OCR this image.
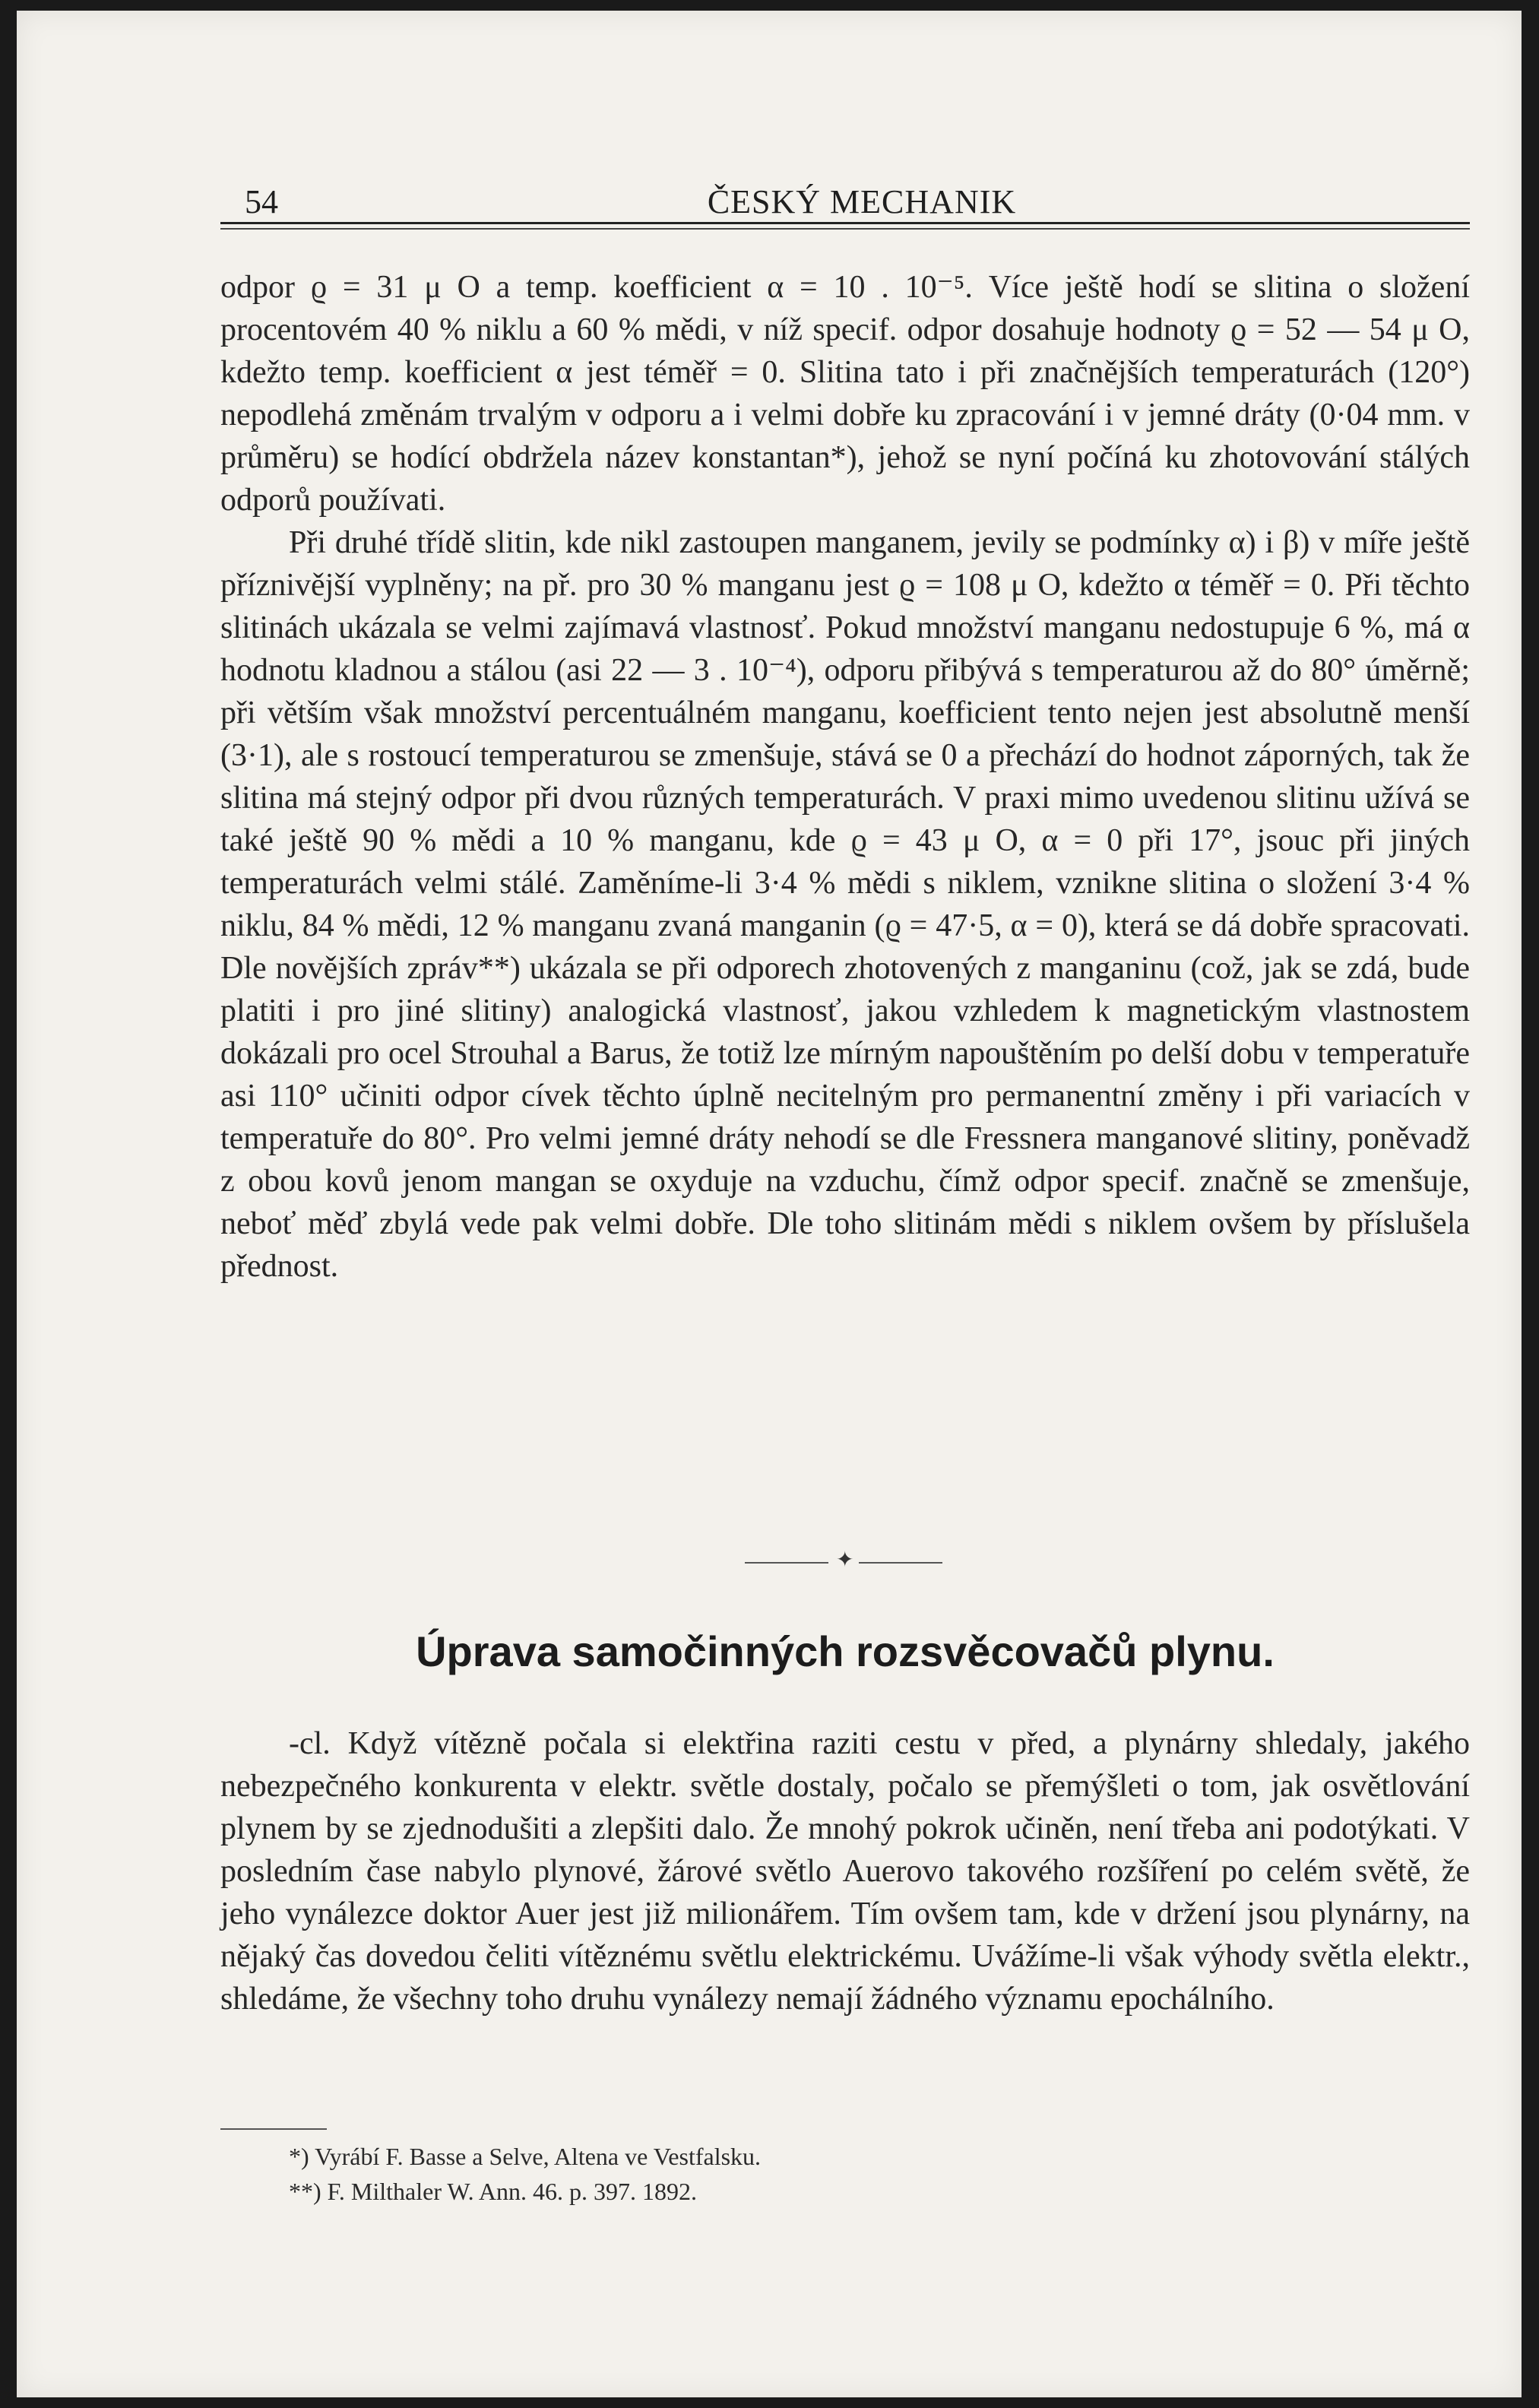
54	ČESKÝ MECHANIK

odpor ϱ = 31 μ O a temp. koefficient α = 10 . 10⁻⁵. Více ještě hodí se slitina o složení procentovém 40 % niklu a 60 % mědi, v níž specif. odpor dosahuje hodnoty ϱ = 52 — 54 μ O, kdežto temp. koefficient α jest téměř = 0. Slitina tato i při značnějších temperaturách (120°) nepodlehá změnám trvalým v odporu a i velmi dobře ku zpracování i v jemné dráty (0·04 mm. v průměru) se hodící obdržela název konstantan*), jehož se nyní počíná ku zhotovování stálých odporů používati.

Při druhé třídě slitin, kde nikl zastoupen manganem, jevily se podmínky α) i β) v míře ještě příznivější vyplněny; na př. pro 30 % manganu jest ϱ = 108 μ O, kdežto α téměř = 0. Při těchto slitinách ukázala se velmi zajímavá vlastnosť. Pokud množství manganu nedostupuje 6 %, má α hodnotu kladnou a stálou (asi 22 — 3 . 10⁻⁴), odporu přibývá s temperaturou až do 80° úměrně; při větším však množství percentuálném manganu, koefficient tento nejen jest absolutně menší (3·1), ale s rostoucí temperaturou se zmenšuje, stává se 0 a přechází do hodnot záporných, tak že slitina má stejný odpor při dvou různých temperaturách. V praxi mimo uvedenou slitinu užívá se také ještě 90 % mědi a 10 % manganu, kde ϱ = 43 μ O, α = 0 při 17°, jsouc při jiných temperaturách velmi stálé. Zaměníme-li 3·4 % mědi s niklem, vznikne slitina o složení 3·4 % niklu, 84 % mědi, 12 % manganu zvaná manganin (ϱ = 47·5, α = 0), která se dá dobře spracovati. Dle novějších zpráv**) ukázala se při odporech zhotovených z manganinu (což, jak se zdá, bude platiti i pro jiné slitiny) analogická vlastnosť, jakou vzhledem k magnetickým vlastnostem dokázali pro ocel Strouhal a Barus, že totiž lze mírným napouštěním po delší dobu v temperatuře asi 110° učiniti odpor cívek těchto úplně necitelným pro permanentní změny i při variacích v temperatuře do 80°. Pro velmi jemné dráty nehodí se dle Fressnera manganové slitiny, poněvadž z obou kovů jenom mangan se oxyduje na vzduchu, čímž odpor specif. značně se zmenšuje, neboť měď zbylá vede pak velmi dobře. Dle toho slitinám mědi s niklem ovšem by příslušela přednost.

✦
Úprava samočinných rozsvěcovačů plynu.

-cl. Když vítězně počala si elektřina raziti cestu v před, a plynárny shledaly, jakého nebezpečného konkurenta v elektr. světle dostaly, počalo se přemýšleti o tom, jak osvětlování plynem by se zjednodušiti a zlepšiti dalo. Že mnohý pokrok učiněn, není třeba ani podotýkati. V posledním čase nabylo plynové, žárové světlo Auerovo takového rozšíření po celém světě, že jeho vynálezce doktor Auer jest již milionářem. Tím ovšem tam, kde v držení jsou plynárny, na nějaký čas dovedou čeliti vítěznému světlu elektrickému. Uvážíme-li však výhody světla elektr., shledáme, že všechny toho druhu vynálezy nemají žádného významu epochálního.

*) Vyrábí F. Basse a Selve, Altena ve Vestfalsku.

**) F. Milthaler W. Ann. 46. p. 397. 1892.
